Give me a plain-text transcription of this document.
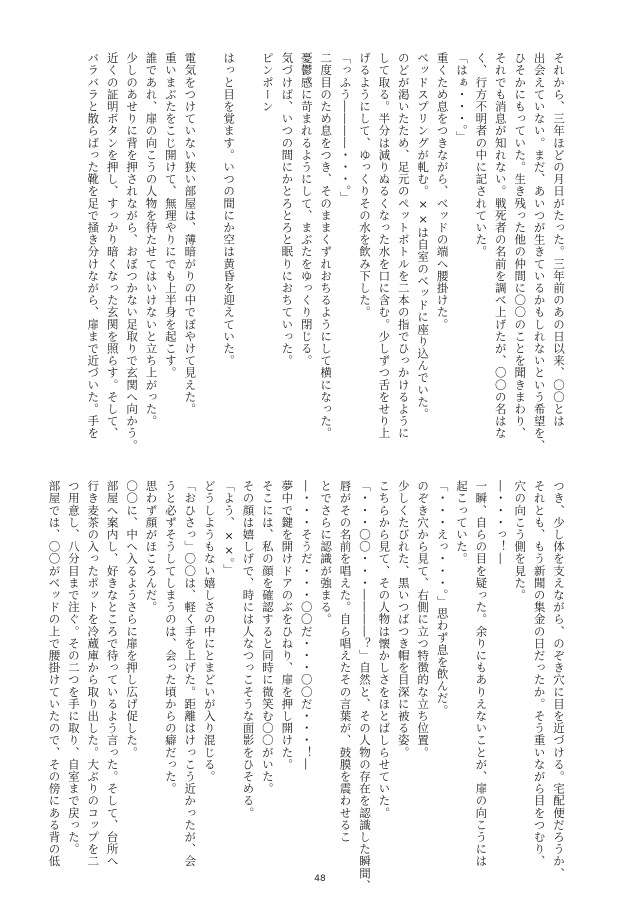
それから、三年ほどの月日がたった。三年前のあの日以来、〇〇とは
出会えていない。まだ、あいつが生きているかもしれないという希望を、
ひそかにもっていた。生き残った他の仲間に〇〇のことを聞きまわり、
それでも消息が知れない。戦死者の名前を調べ上げたが、〇〇の名はな
く、行方不明者の中に記されていた。
「はぁ・・・。」
重くため息をつきながら、ベッドの端へ腰掛けた。
ベッドスプリングが軋む。××は自室のベッドに座り込んでいた。
のどが渇いたため、足元のペットボトルを二本の指でひっかけるように
して取る。半分は減りぬるくなった水を口に含む。少しずつ舌をせり上
げるようにして、ゆっくりその水を飲み下した。
「っふう――――・・・。」
二度目のため息をつき、そのままくずれおちるようにして横になった。
憂鬱感に苛まれるようにして、まぶたをゆっくり閉じる。
気づけば、いつの間にかとろとろと眠りにおちていった。
ピンポーン
はっと目を覚ます。いつの間にか空は黄昏を迎えていた。
電気をつけていない狭い部屋は、薄暗がりの中でぼやけて見えた。
重いまぶたをこじ開けて、無理やりにでも上半身を起こす。
誰であれ、扉の向こうの人物を待たせてはいけないと立ち上がった。
少しのあせりに背を押されながら、おぼつかない足取りで玄関へ向かう。
近くの証明ボタンを押し、すっかり暗くなった玄関を照らす。そして、
バラバラと散らばった靴を足で掻き分けながら、扉まで近づいた。手を
つき、少し体を支えながら、のぞき穴に目を近づける。宅配便だろうか、
それとも、もう新聞の集金の日だったか。そう重いながら目をつむり、
穴の向こう側を見た。
―・・・っ！―
一瞬、自らの目を疑った。余りにもありえないことが、扉の向こうには
起こっていた。
「・・・えっ・・・。」思わず息を飲んだ。
のぞき穴から見て、右側に立つ特徴的な立ち位置。
少しくたびれた、黒いつばつき帽を目深に被る姿。
こちらから見て、その人物は懐かしさをほとばしらせていた。
「・・・〇〇・・・――――？」自然と、その人物の存在を認識した瞬間、
唇がその名前を唱えた。自ら唱えたその言葉が、鼓膜を震わせるこ
とでさらに認識が強まる。
―・・・そうだ・・・〇〇だ・・・〇〇だ・・・！―
夢中で鍵を開けドアのぶをひねり、扉を押し開けた。
そこには、私の顔を確認すると同時に微笑む〇〇がいた。
その顔は嬉しげで、時には人なつっこそうな面影をひそめる。
「よう、××。」
どうしようもない嬉しさの中にとまどいが入り混じる。
「おひさっ」〇〇は、軽く手を上げた。距離はけっこう近かったが、会
うと必ずそうしてしまうのは、会った頃からの癖だった。
思わず顔がほころんだ。
〇〇に、中へ入るようさらに扉を押し広げ促した。
部屋へ案内し、好きなところで待っているよう言った。そして、台所へ
行き麦茶の入ったポットを冷蔵庫から取り出した。大ぶりのコップを二
つ用意し、八分目まで注ぐ。その二つを手に取り、自室まで戻った。
部屋では、〇〇がベッドの上で腰掛けていたので、その傍にある背の低
48
